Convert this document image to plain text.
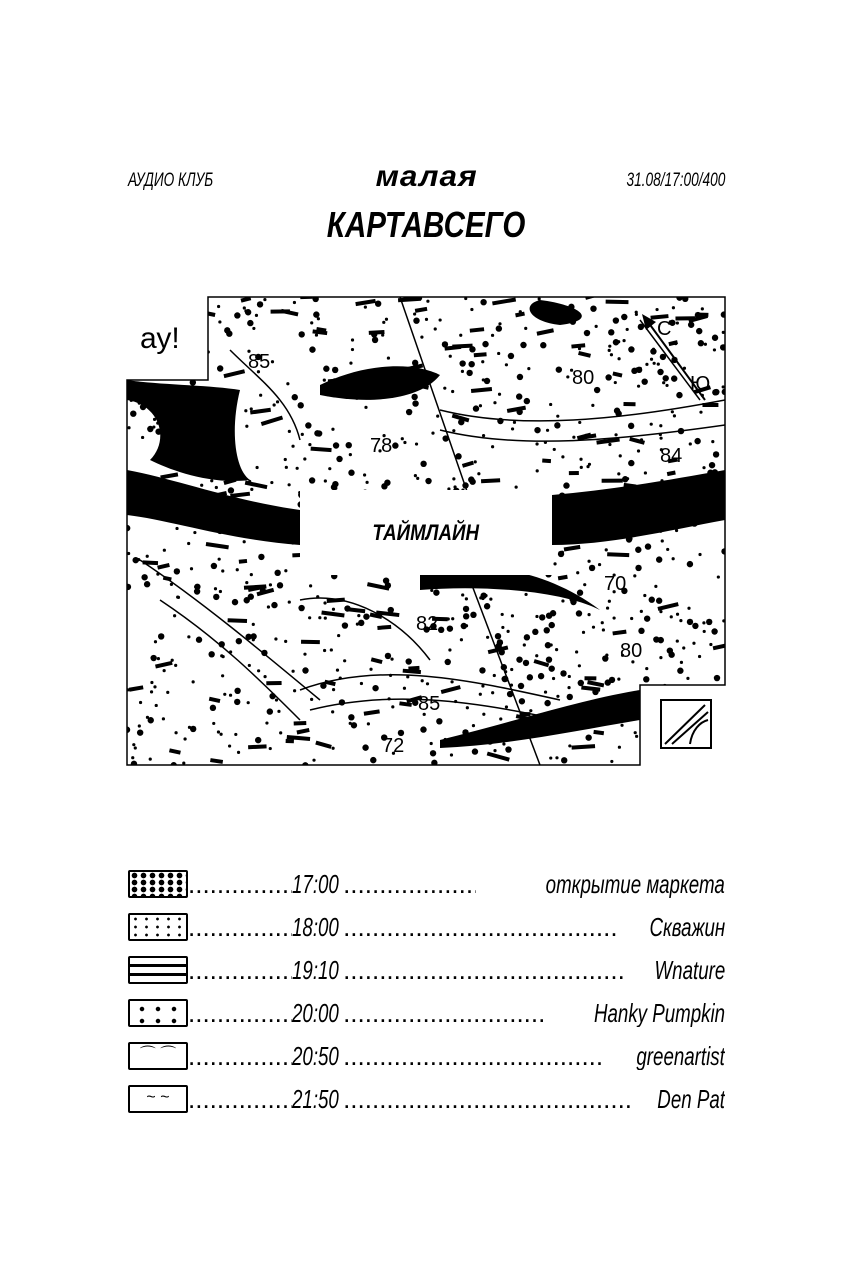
АУДИО КЛУБ	малая	31.08/17:00/400
КАРТАВСЕГО
С
Ю
85
80
78	84
70
82
80
85
72
ау!
ТАЙМЛАЙН
.....
17:00 .....	открытие маркета
.....
18:00 .....	Скважин
.....
19:10 .....	Wnature
.....
20:00 .....	Hanky Pumpkin
⌒ ⌒ .....	20:50 .....	greenartist
~ ~ .....	21:50 .....	Den Pat
